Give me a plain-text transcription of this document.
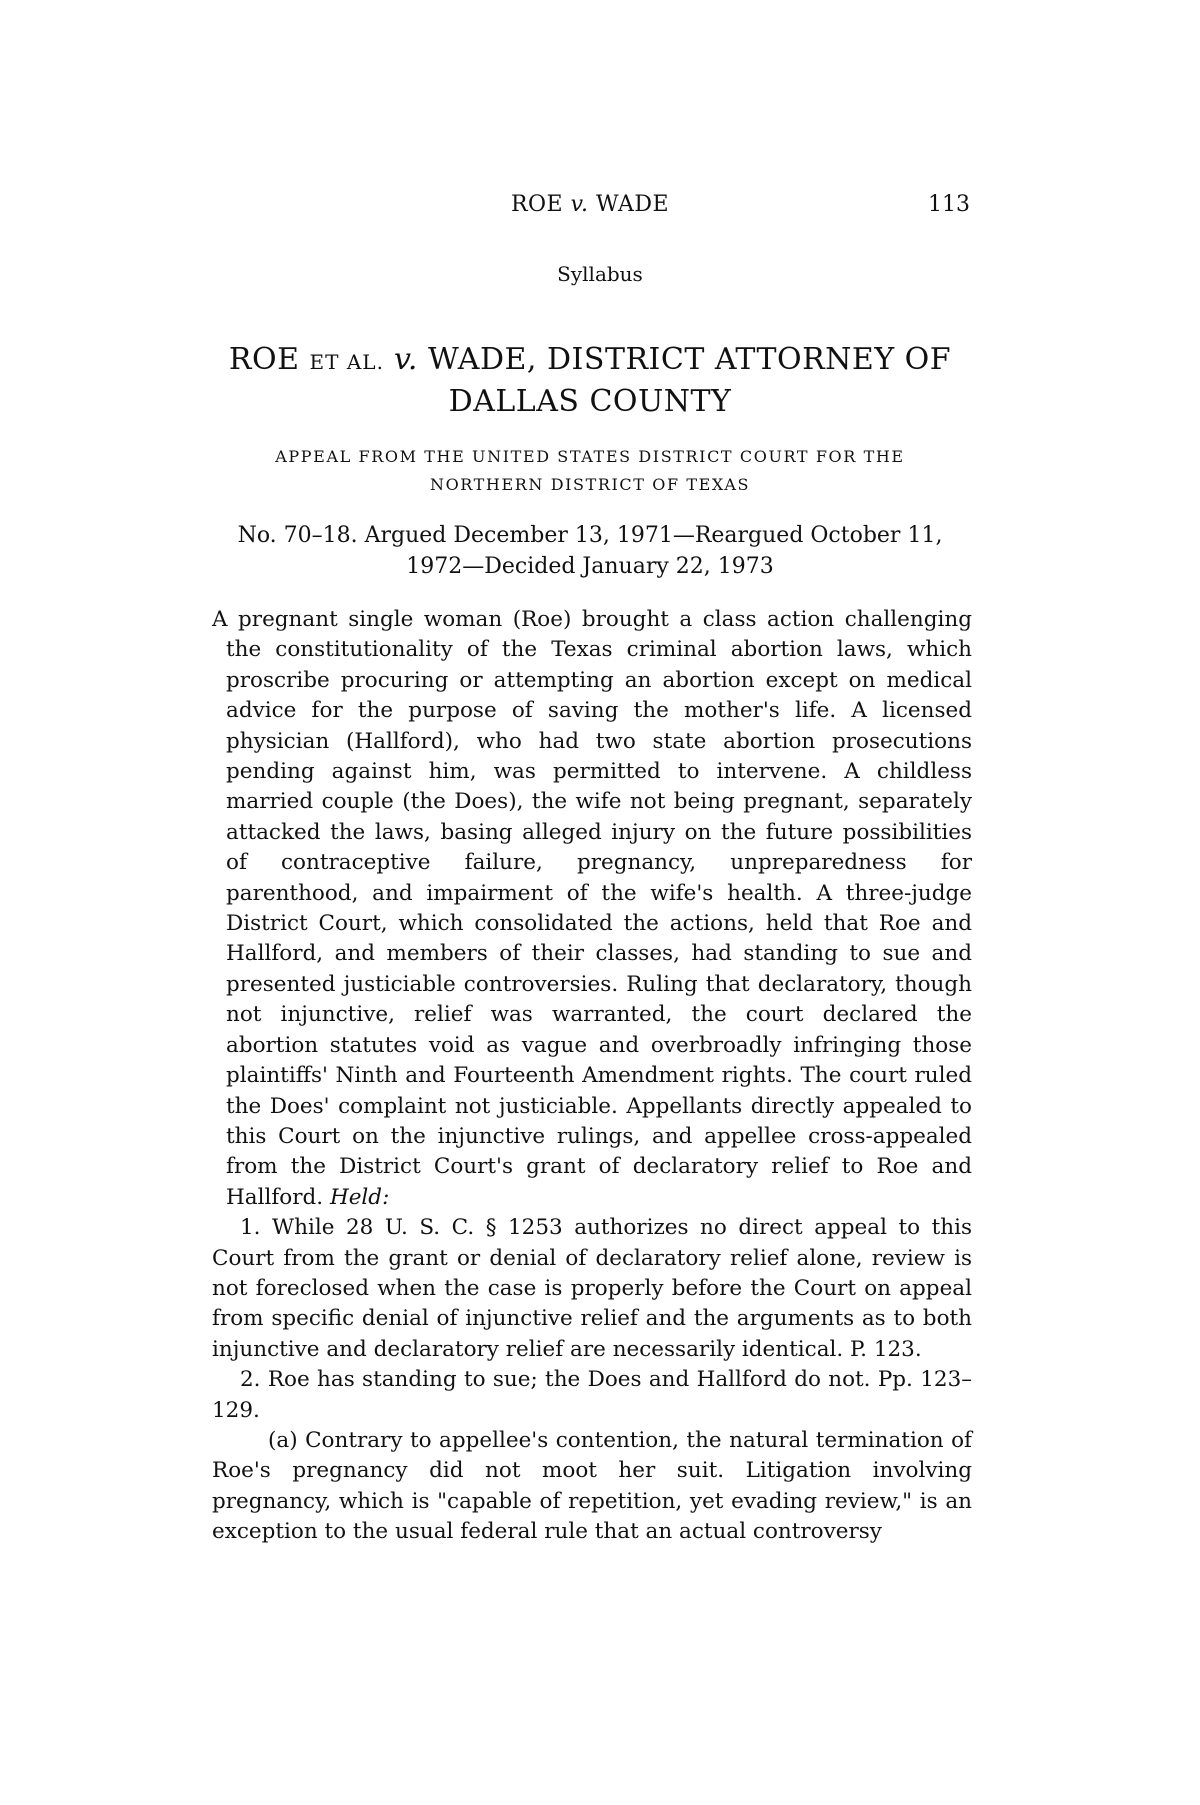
ROE v. WADE	113
Syllabus
ROE ET AL. v. WADE, DISTRICT ATTORNEY OF
DALLAS COUNTY
APPEAL FROM THE UNITED STATES DISTRICT COURT FOR THE
NORTHERN DISTRICT OF TEXAS
No. 70–18. Argued December 13, 1971—Reargued October 11,
1972—Decided January 22, 1973

A pregnant single woman (Roe) brought a class action challenging the constitutionality of the Texas criminal abortion laws, which proscribe procuring or attempting an abortion except on medical advice for the purpose of saving the mother's life. A licensed physician (Hallford), who had two state abortion prosecutions pending against him, was permitted to intervene. A childless married couple (the Does), the wife not being pregnant, separately attacked the laws, basing alleged injury on the future possibilities of contraceptive failure, pregnancy, unpreparedness for parenthood, and impairment of the wife's health. A three-judge District Court, which consolidated the actions, held that Roe and Hallford, and members of their classes, had standing to sue and presented justiciable controversies. Ruling that declaratory, though not injunctive, relief was warranted, the court declared the abortion statutes void as vague and overbroadly infringing those plaintiffs' Ninth and Fourteenth Amendment rights. The court ruled the Does' complaint not justiciable. Appellants directly appealed to this Court on the injunctive rulings, and appellee cross-appealed from the District Court's grant of declaratory relief to Roe and Hallford. Held:

1. While 28 U. S. C. § 1253 authorizes no direct appeal to this Court from the grant or denial of declaratory relief alone, review is not foreclosed when the case is properly before the Court on appeal from specific denial of injunctive relief and the arguments as to both injunctive and declaratory relief are necessarily identical. P. 123.

2. Roe has standing to sue; the Does and Hallford do not. Pp. 123–129.

(a) Contrary to appellee's contention, the natural termination of Roe's pregnancy did not moot her suit. Litigation involving pregnancy, which is "capable of repetition, yet evading review," is an exception to the usual federal rule that an actual controversy
